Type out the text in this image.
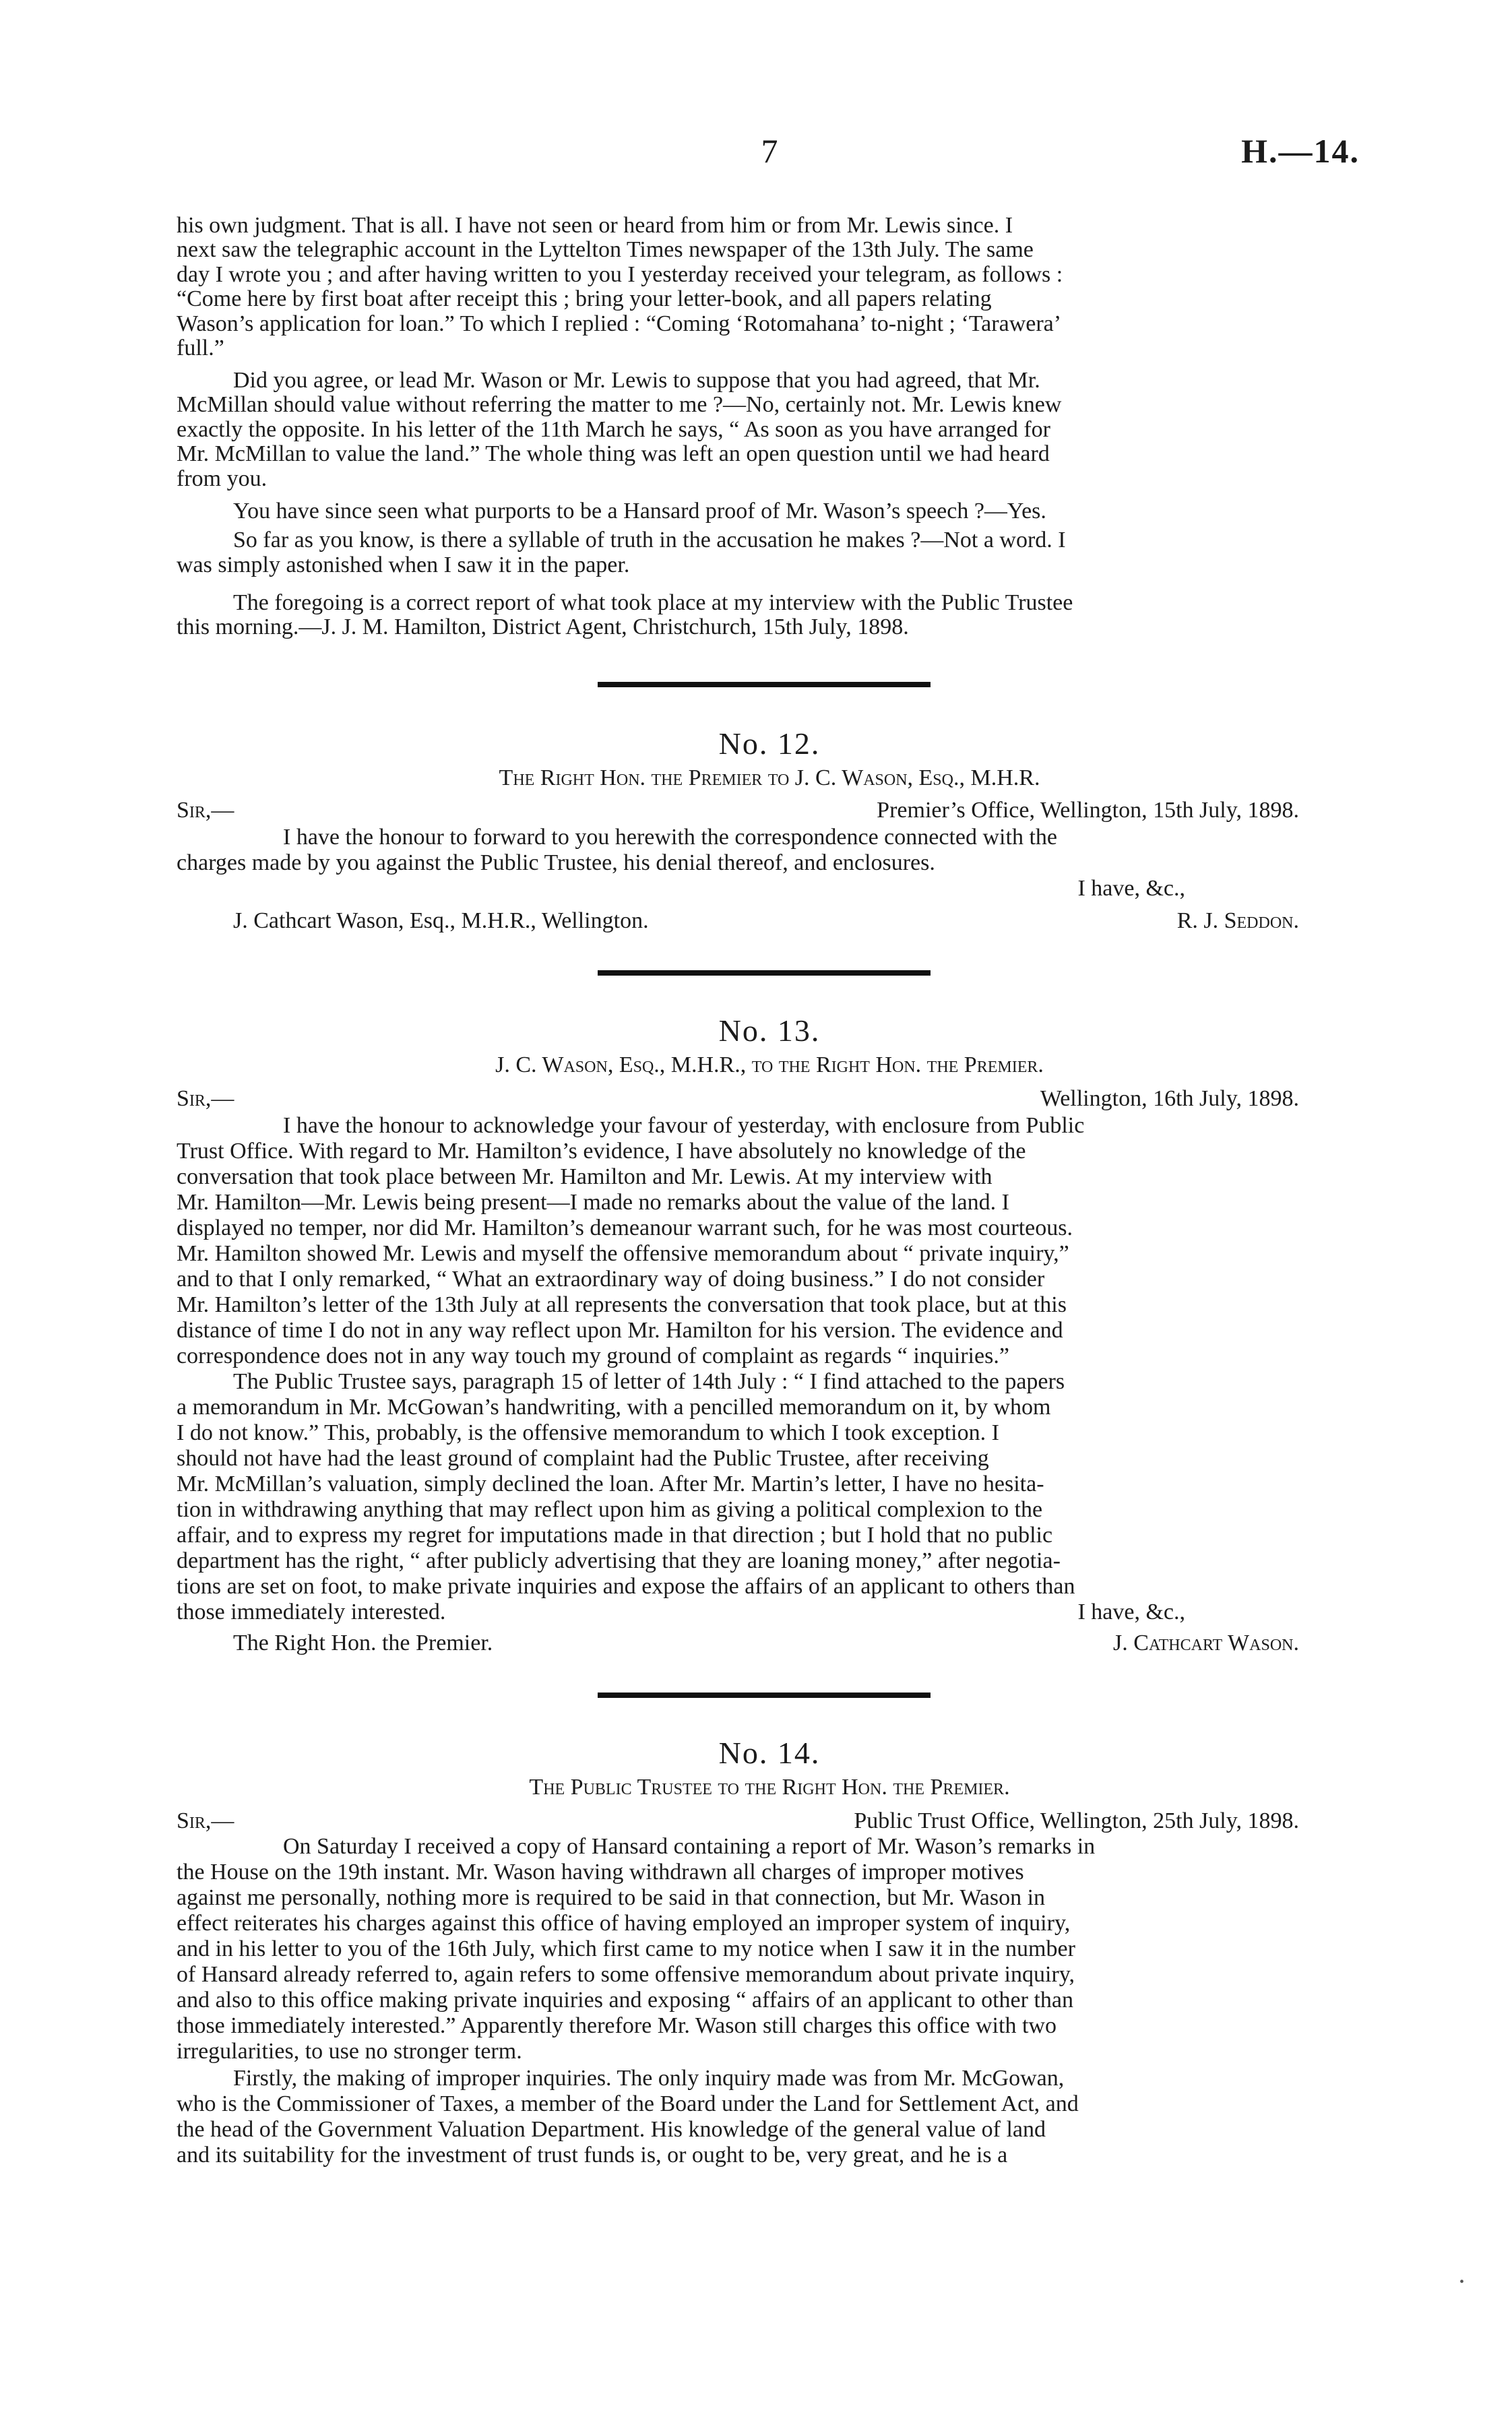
7	H.—14.
his own judgment. That is all. I have not seen or heard from him or from Mr. Lewis since. I
next saw the telegraphic account in the Lyttelton Times newspaper of the 13th July. The same
day I wrote you ; and after having written to you I yesterday received your telegram, as follows :
“Come here by first boat after receipt this ; bring your letter-book, and all papers relating
Wason’s application for loan.” To which I replied : “Coming ‘Rotomahana’ to-night ; ‘Tarawera’
full.”
Did you agree, or lead Mr. Wason or Mr. Lewis to suppose that you had agreed, that Mr.
McMillan should value without referring the matter to me ?—No, certainly not. Mr. Lewis knew
exactly the opposite. In his letter of the 11th March he says, “ As soon as you have arranged for
Mr. McMillan to value the land.” The whole thing was left an open question until we had heard
from you.
You have since seen what purports to be a Hansard proof of Mr. Wason’s speech ?—Yes.
So far as you know, is there a syllable of truth in the accusation he makes ?—Not a word. I
was simply astonished when I saw it in the paper.
The foregoing is a correct report of what took place at my interview with the Public Trustee
this morning.—J. J. M. Hamilton, District Agent, Christchurch, 15th July, 1898.
No. 12.
The Right Hon. the Premier to J. C. Wason, Esq., M.H.R.
Sir,—	Premier’s Office, Wellington, 15th July, 1898.
I have the honour to forward to you herewith the correspondence connected with the
charges made by you against the Public Trustee, his denial thereof, and enclosures.
I have, &c.,
J. Cathcart Wason, Esq., M.H.R., Wellington.	R. J. Seddon.
No. 13.
J. C. Wason, Esq., M.H.R., to the Right Hon. the Premier.
Sir,—	Wellington, 16th July, 1898.
I have the honour to acknowledge your favour of yesterday, with enclosure from Public
Trust Office. With regard to Mr. Hamilton’s evidence, I have absolutely no knowledge of the
conversation that took place between Mr. Hamilton and Mr. Lewis. At my interview with
Mr. Hamilton—Mr. Lewis being present—I made no remarks about the value of the land. I
displayed no temper, nor did Mr. Hamilton’s demeanour warrant such, for he was most courteous.
Mr. Hamilton showed Mr. Lewis and myself the offensive memorandum about “ private inquiry,”
and to that I only remarked, “ What an extraordinary way of doing business.” I do not consider
Mr. Hamilton’s letter of the 13th July at all represents the conversation that took place, but at this
distance of time I do not in any way reflect upon Mr. Hamilton for his version. The evidence and
correspondence does not in any way touch my ground of complaint as regards “ inquiries.”
The Public Trustee says, paragraph 15 of letter of 14th July : “ I find attached to the papers
a memorandum in Mr. McGowan’s handwriting, with a pencilled memorandum on it, by whom
I do not know.” This, probably, is the offensive memorandum to which I took exception. I
should not have had the least ground of complaint had the Public Trustee, after receiving
Mr. McMillan’s valuation, simply declined the loan. After Mr. Martin’s letter, I have no hesita-
tion in withdrawing anything that may reflect upon him as giving a political complexion to the
affair, and to express my regret for imputations made in that direction ; but I hold that no public
department has the right, “ after publicly advertising that they are loaning money,” after negotia-
tions are set on foot, to make private inquiries and expose the affairs of an applicant to others than
those immediately interested.	I have, &c.,
The Right Hon. the Premier.	J. Cathcart Wason.
No. 14.
The Public Trustee to the Right Hon. the Premier.
Sir,—	Public Trust Office, Wellington, 25th July, 1898.
On Saturday I received a copy of Hansard containing a report of Mr. Wason’s remarks in
the House on the 19th instant. Mr. Wason having withdrawn all charges of improper motives
against me personally, nothing more is required to be said in that connection, but Mr. Wason in
effect reiterates his charges against this office of having employed an improper system of inquiry,
and in his letter to you of the 16th July, which first came to my notice when I saw it in the number
of Hansard already referred to, again refers to some offensive memorandum about private inquiry,
and also to this office making private inquiries and exposing “ affairs of an applicant to other than
those immediately interested.” Apparently therefore Mr. Wason still charges this office with two
irregularities, to use no stronger term.
Firstly, the making of improper inquiries. The only inquiry made was from Mr. McGowan,
who is the Commissioner of Taxes, a member of the Board under the Land for Settlement Act, and
the head of the Government Valuation Department. His knowledge of the general value of land
and its suitability for the investment of trust funds is, or ought to be, very great, and he is a
•
